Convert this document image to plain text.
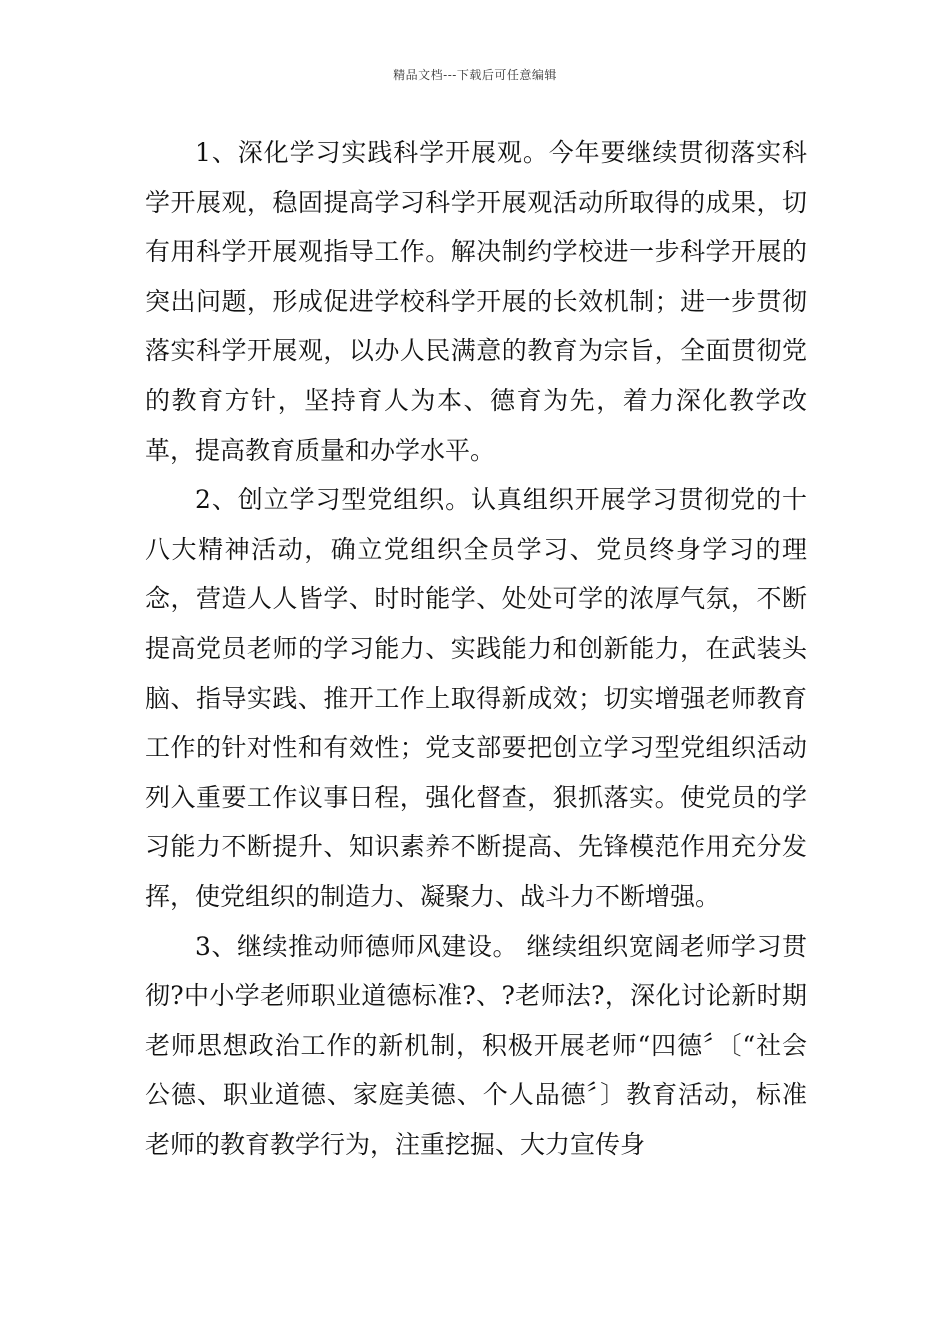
精品文档---下载后可任意编辑

1、深化学习实践科学开展观。今年要继续贯彻落实科学开展观，稳固提高学习科学开展观活动所取得的成果，切有用科学开展观指导工作。解决制约学校进一步科学开展的突出问题，形成促进学校科学开展的长效机制；进一步贯彻落实科学开展观，以办人民满意的教育为宗旨，全面贯彻党的教育方针，坚持育人为本、德育为先，着力深化教学改革，提高教育质量和办学水平。

2、创立学习型党组织。认真组织开展学习贯彻党的十八大精神活动，确立党组织全员学习、党员终身学习的理念，营造人人皆学、时时能学、处处可学的浓厚气氛，不断提高党员老师的学习能力、实践能力和创新能力，在武装头脑、指导实践、推开工作上取得新成效；切实增强老师教育工作的针对性和有效性；党支部要把创立学习型党组织活动列入重要工作议事日程，强化督查，狠抓落实。使党员的学习能力不断提升、知识素养不断提高、先锋模范作用充分发挥，使党组织的制造力、凝聚力、战斗力不断增强。

3、继续推动师德师风建设。 继续组织宽阔老师学习贯彻?中小学老师职业道德标准?、?老师法?，深化讨论新时期老师思想政治工作的新机制，积极开展老师“四德〞〔“社会公德、职业道德、家庭美德、个人品德〞〕教育活动，标准老师的教育教学行为，注重挖掘、大力宣传身
